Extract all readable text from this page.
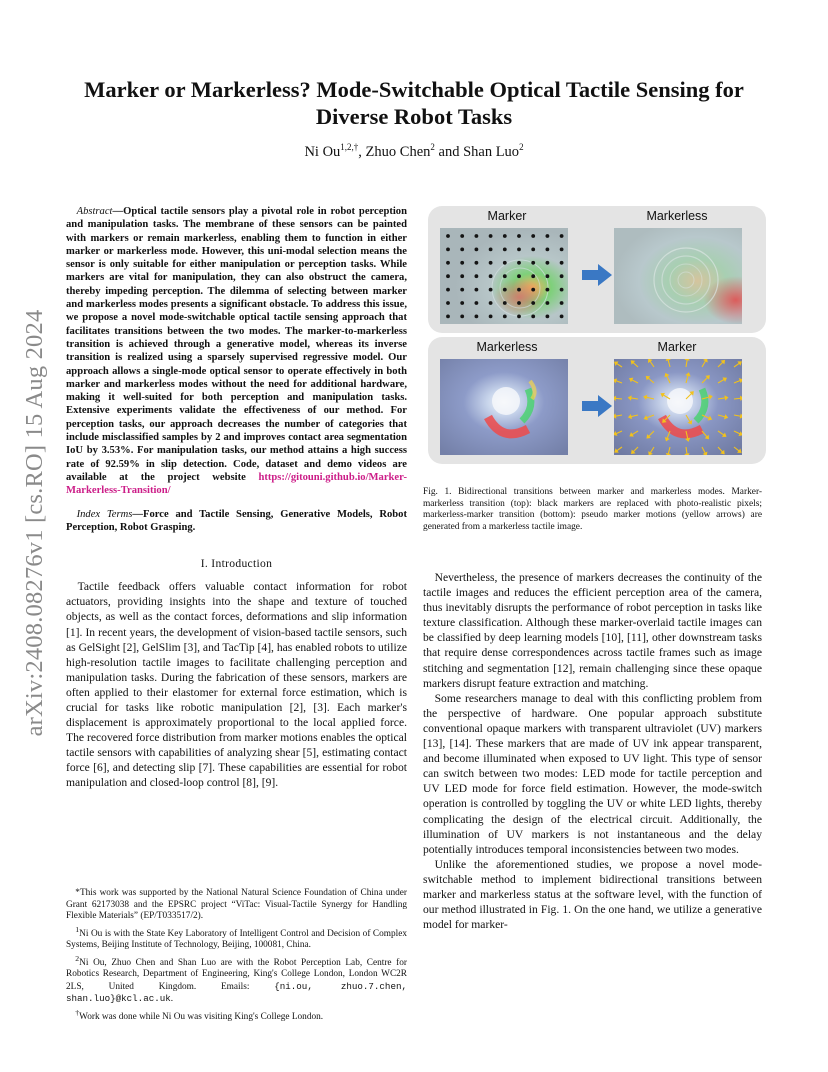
arXiv:2408.08276v1 [cs.RO] 15 Aug 2024
Marker or Markerless? Mode-Switchable Optical Tactile Sensing for Diverse Robot Tasks
Ni $Ou^{1,2,\dagger}$, Zhuo Chen$^2$ and Shan Luo$^2$

Abstract—Optical tactile sensors play a pivotal role in robot perception and manipulation tasks. The membrane of these sensors can be painted with markers or remain markerless, enabling them to function in either marker or markerless mode. However, this uni-modal selection means the sensor is only suitable for either manipulation or perception tasks. While markers are vital for manipulation, they can also obstruct the camera, thereby impeding perception. The dilemma of selecting between marker and markerless modes presents a significant obstacle. To address this issue, we propose a novel mode-switchable optical tactile sensing approach that facilitates transitions between the two modes. The marker-to-markerless transition is achieved through a generative model, whereas its inverse transition is realized using a sparsely supervised regressive model. Our approach allows a single-mode optical sensor to operate effectively in both marker and markerless modes without the need for additional hardware, making it well-suited for both perception and manipulation tasks. Extensive experiments validate the effectiveness of our method. For perception tasks, our approach decreases the number of categories that include misclassified samples by 2 and improves contact area segmentation IoU by 3.53%. For manipulation tasks, our method attains a high success rate of 92.59% in slip detection. Code, dataset and demo videos are available at the project website https://gitouni.github.io/Marker-Markerless-Transition/

Index Terms—Force and Tactile Sensing, Generative Models, Robot Perception, Robot Grasping.

I. Introduction

Tactile feedback offers valuable contact information for robot actuators, providing insights into the shape and texture of touched objects, as well as the contact forces, deformations and slip information [1]. In recent years, the development of vision-based tactile sensors, such as GelSight [2], GelSlim [3], and TacTip [4], has enabled robots to utilize high-resolution tactile images to facilitate challenging perception and manipulation tasks. During the fabrication of these sensors, markers are often applied to their elastomer for external force estimation, which is crucial for tasks like robotic manipulation [2], [3]. Each marker's displacement is approximately proportional to the local applied force. The recovered force distribution from marker motions enables the optical tactile sensors with capabilities of analyzing shear [5], estimating contact force [6], and detecting slip [7]. These capabilities are essential for robot manipulation and closed-loop control [8], [9].

*This work was supported by the National Natural Science Foundation of China under Grant 62173038 and the EPSRC project “ViTac: Visual-Tactile Synergy for Handling Flexible Materials” (EP/T033517/2).

$^1$Ni Ou is with the State Key Laboratory of Intelligent Control and Decision of Complex Systems, Beijing Institute of Technology, Beijing, 100081, China.

$^2$Ni Ou, Zhuo Chen and Shan Luo are with the Robot Perception Lab, Centre for Robotics Research, Department of Engineering, King's College London, London WC2R 2LS, United Kingdom. Emails: {ni.ou, zhuo.7.chen, shan.luo}@kcl.ac.uk.

†Work was done while Ni Ou was visiting King's College London.

Marker	Markerless
Markerless	Marker
Fig. 1. Bidirectional transitions between marker and markerless modes. Marker-markerless transition (top): black markers are replaced with photo-realistic pixels; markerless-marker transition (bottom): pseudo marker motions (yellow arrows) are generated from a markerless tactile image.

Nevertheless, the presence of markers decreases the continuity of the tactile images and reduces the efficient perception area of the camera, thus inevitably disrupts the performance of robot perception in tasks like texture classification. Although these marker-overlaid tactile images can be classified by deep learning models [10], [11], other downstream tasks that require dense correspondences across tactile frames such as image stitching and segmentation [12], remain challenging since these opaque markers disrupt feature extraction and matching.

Some researchers manage to deal with this conflicting problem from the perspective of hardware. One popular approach substitute conventional opaque markers with transparent ultraviolet (UV) markers [13], [14]. These markers that are made of UV ink appear transparent, and become illuminated when exposed to UV light. This type of sensor can switch between two modes: LED mode for tactile perception and UV LED mode for force field estimation. However, the mode-switch operation is controlled by toggling the UV or white LED lights, thereby complicating the design of the electrical circuit. Additionally, the illumination of UV markers is not instantaneous and the delay potentially introduces temporal inconsistencies between two modes.

Unlike the aforementioned studies, we propose a novel mode-switchable method to implement bidirectional transitions between marker and markerless status at the software level, with the function of our method illustrated in Fig. 1. On the one hand, we utilize a generative model for marker-
